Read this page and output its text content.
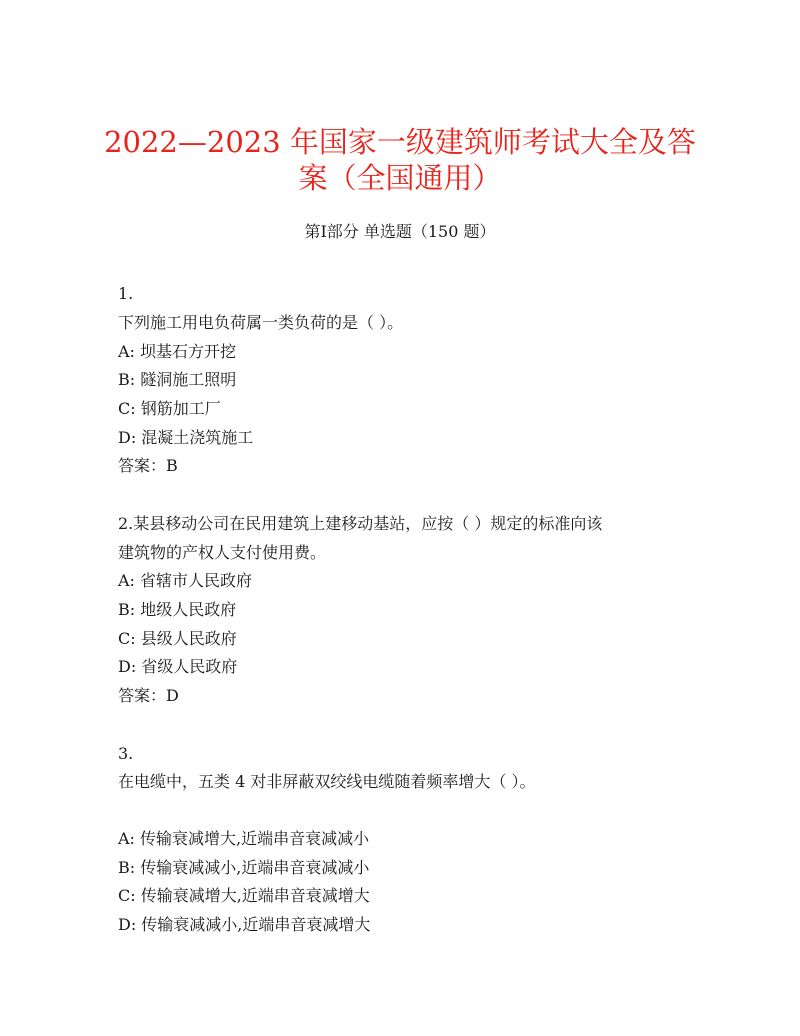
2022—2023 年国家一级建筑师考试大全及答
案（全国通用）
第Ⅰ部分 单选题（150 题）
1.
下列施工用电负荷属一类负荷的是（ ）。
A: 坝基石方开挖
B: 隧洞施工照明
C: 钢筋加工厂
D: 混凝土浇筑施工
答案：B
2.某县移动公司在民用建筑上建移动基站，应按（ ）规定的标准向该
建筑物的产权人支付使用费。
A: 省辖市人民政府
B: 地级人民政府
C: 县级人民政府
D: 省级人民政府
答案：D
3.
在电缆中，五类 4 对非屏蔽双绞线电缆随着频率增大（ ）。
A: 传输衰减增大,近端串音衰减减小
B: 传输衰减减小,近端串音衰减减小
C: 传输衰减增大,近端串音衰减增大
D: 传输衰减减小,近端串音衰减增大
